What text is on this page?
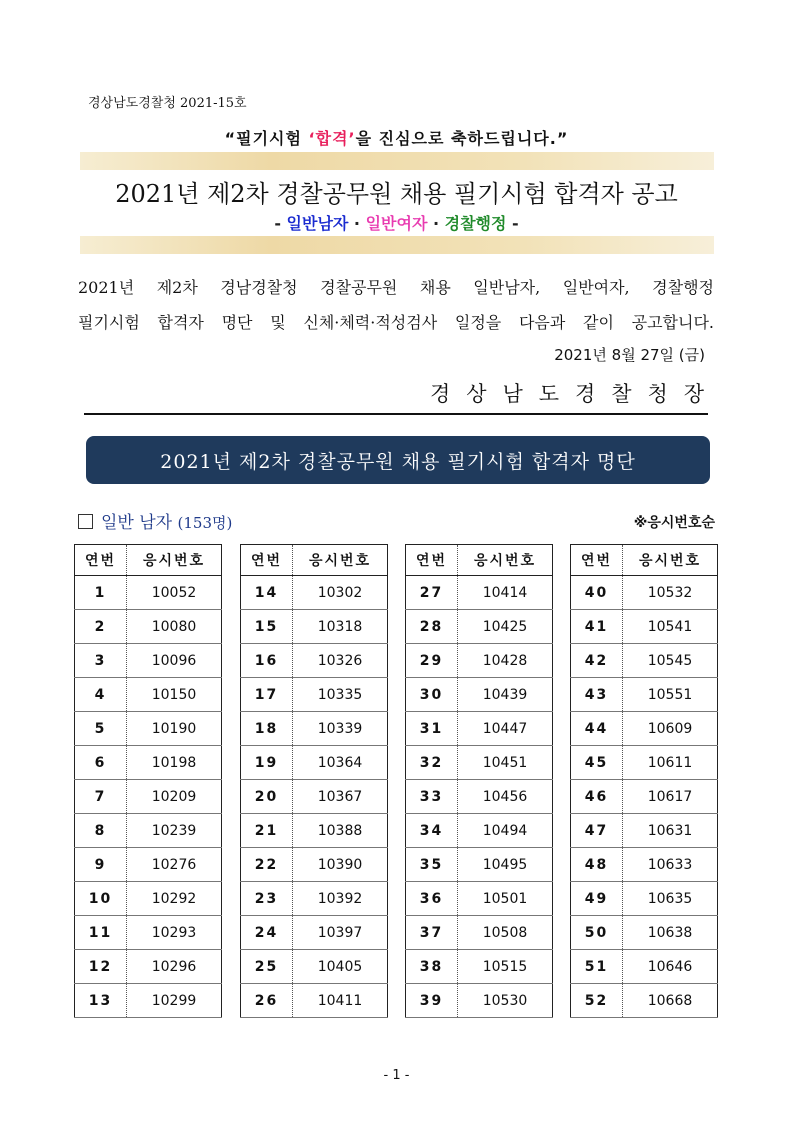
경상남도경찰청 2021-15호
“필기시험 ‘합격’을 진심으로 축하드립니다.”
2021년 제2차 경찰공무원 채용 필기시험 합격자 공고
- 일반남자 · 일반여자 · 경찰행정 -
2021년 제2차 경남경찰청 경찰공무원 채용 일반남자, 일반여자, 경찰행정
필기시험 합격자 명단 및 신체·체력·적성검사 일정을 다음과 같이 공고합니다.
2021년 8월 27일 (금)
경 상 남 도 경 찰 청 장
2021년 제2차 경찰공무원 채용 필기시험 합격자 명단
일반 남자 (153명)	※응시번호순
연번	응시번호
1	10052
2	10080
3	10096
4	10150
5	10190
6	10198
7	10209
8	10239
9	10276
10	10292
11	10293
12	10296
13	10299
연번	응시번호
14	10302
15	10318
16	10326
17	10335
18	10339
19	10364
20	10367
21	10388
22	10390
23	10392
24	10397
25	10405
26	10411
연번	응시번호
27	10414
28	10425
29	10428
30	10439
31	10447
32	10451
33	10456
34	10494
35	10495
36	10501
37	10508
38	10515
39	10530
연번	응시번호
40	10532
41	10541
42	10545
43	10551
44	10609
45	10611
46	10617
47	10631
48	10633
49	10635
50	10638
51	10646
52	10668
- 1 -
